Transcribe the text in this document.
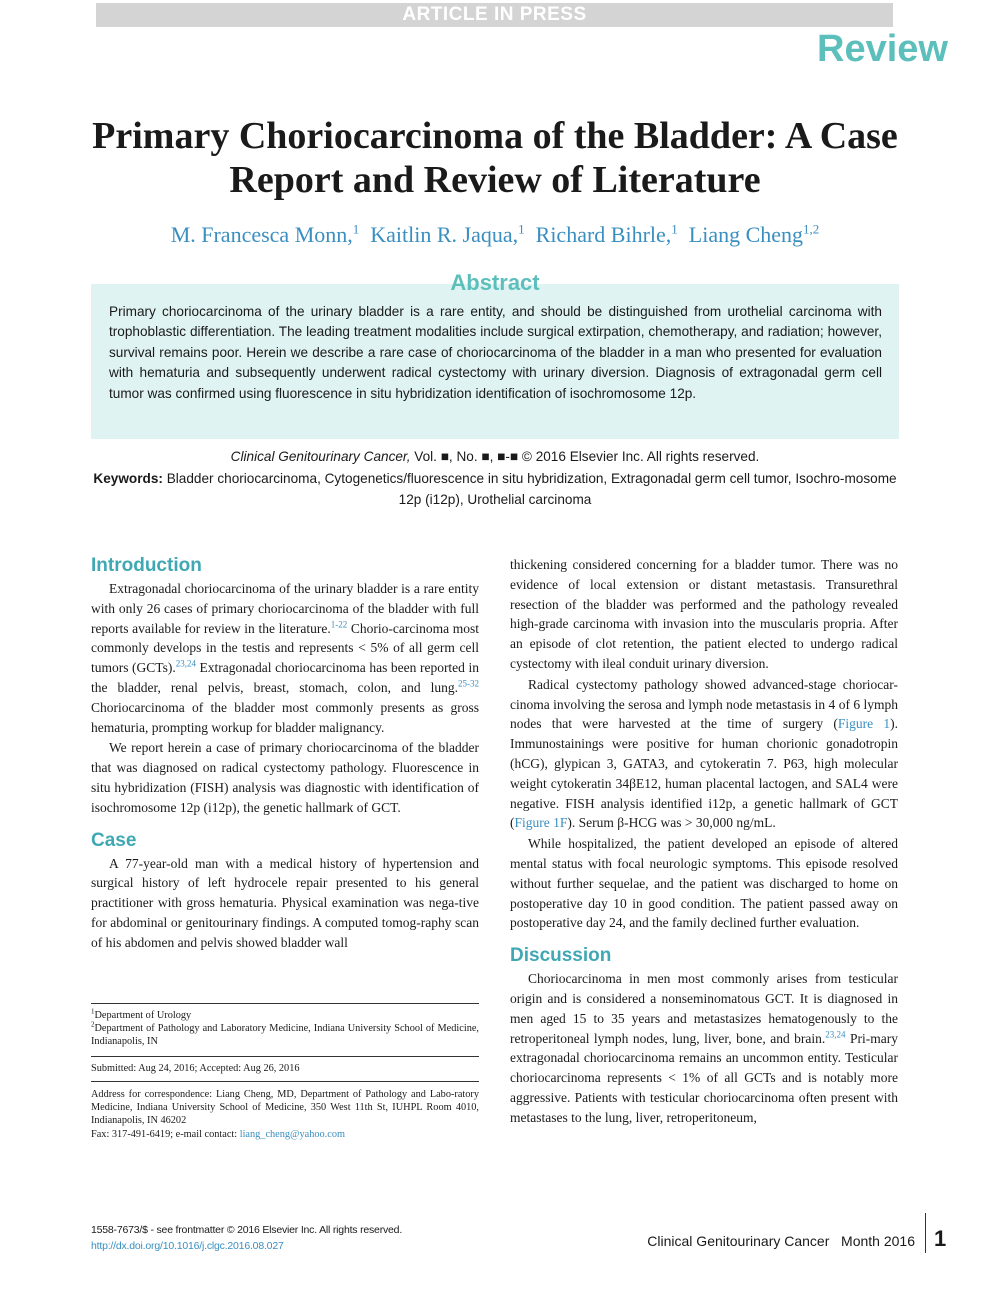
ARTICLE IN PRESS
Review
Primary Choriocarcinoma of the Bladder: A Case Report and Review of Literature
M. Francesca Monn,$^1$ Kaitlin R. Jaqua,$^1$ Richard Bihrle,$^1$ Liang Cheng$^{1,2}$

Primary choriocarcinoma of the urinary bladder is a rare entity, and should be distinguished from urothelial carcinoma with trophoblastic differentiation. The leading treatment modalities include surgical extirpation, chemotherapy, and radiation; however, survival remains poor. Herein we describe a rare case of choriocarcinoma of the bladder in a man who presented for evaluation with hematuria and subsequently underwent radical cystectomy with urinary diversion. Diagnosis of extragonadal germ cell tumor was confirmed using fluorescence in situ hybridization identification of isochromosome 12p.

Abstract
Clinical Genitourinary Cancer, Vol. ■, No. ■, ■-■ © 2016 Elsevier Inc. All rights reserved.
Keywords: Bladder choriocarcinoma, Cytogenetics/fluorescence in situ hybridization, Extragonadal germ cell tumor, Isochro-mosome 12p (i12p), Urothelial carcinoma
Introduction

Extragonadal choriocarcinoma of the urinary bladder is a rare entity with only 26 cases of primary choriocarcinoma of the bladder with full reports available for review in the literature.$^{1-22}$ Chorio-carcinoma most commonly develops in the testis and represents < 5% of all germ cell tumors (GCTs).$^{23,24}$ Extragonadal choriocarcinoma has been reported in the bladder, renal pelvis, breast, stomach, colon, and lung.$^{25-32}$ Choriocarcinoma of the bladder most commonly presents as gross hematuria, prompting workup for bladder malignancy.

We report herein a case of primary choriocarcinoma of the bladder that was diagnosed on radical cystectomy pathology. Fluorescence in situ hybridization (FISH) analysis was diagnostic with identification of isochromosome 12p (i12p), the genetic hallmark of GCT.

Case

A 77-year-old man with a medical history of hypertension and surgical history of left hydrocele repair presented to his general practitioner with gross hematuria. Physical examination was nega-tive for abdominal or genitourinary findings. A computed tomog-raphy scan of his abdomen and pelvis showed bladder wall

thickening considered concerning for a bladder tumor. There was no evidence of local extension or distant metastasis. Transurethral resection of the bladder was performed and the pathology revealed high-grade carcinoma with invasion into the muscularis propria. After an episode of clot retention, the patient elected to undergo radical cystectomy with ileal conduit urinary diversion.

Radical cystectomy pathology showed advanced-stage choriocar-cinoma involving the serosa and lymph node metastasis in 4 of 6 lymph nodes that were harvested at the time of surgery (Figure 1). Immunostainings were positive for human chorionic gonadotropin (hCG), glypican 3, GATA3, and cytokeratin 7. P63, high molecular weight cytokeratin 34βE12, human placental lactogen, and SAL4 were negative. FISH analysis identified i12p, a genetic hallmark of GCT (Figure 1F). Serum β-HCG was > 30,000 ng/mL.

While hospitalized, the patient developed an episode of altered mental status with focal neurologic symptoms. This episode resolved without further sequelae, and the patient was discharged to home on postoperative day 10 in good condition. The patient passed away on postoperative day 24, and the family declined further evaluation.

Discussion

Choriocarcinoma in men most commonly arises from testicular origin and is considered a nonseminomatous GCT. It is diagnosed in men aged 15 to 35 years and metastasizes hematogenously to the retroperitoneal lymph nodes, lung, liver, bone, and brain.$^{23,24}$ Pri-mary extragonadal choriocarcinoma remains an uncommon entity. Testicular choriocarcinoma represents < 1% of all GCTs and is notably more aggressive. Patients with testicular choriocarcinoma often present with metastases to the lung, liver, retroperitoneum,

$^1$Department of Urology
$^2$Department of Pathology and Laboratory Medicine, Indiana University School of Medicine, Indianapolis, IN
Submitted: Aug 24, 2016; Accepted: Aug 26, 2016
Address for correspondence: Liang Cheng, MD, Department of Pathology and Labo-ratory Medicine, Indiana University School of Medicine, 350 West 11th St, IUHPL Room 4010, Indianapolis, IN 46202
Fax: 317-491-6419; e-mail contact: liang_cheng@yahoo.com
1558-7673/$ - see frontmatter © 2016 Elsevier Inc. All rights reserved.
http://dx.doi.org/10.1016/j.clgc.2016.08.027	Clinical Genitourinary Cancer Month 2016 1
